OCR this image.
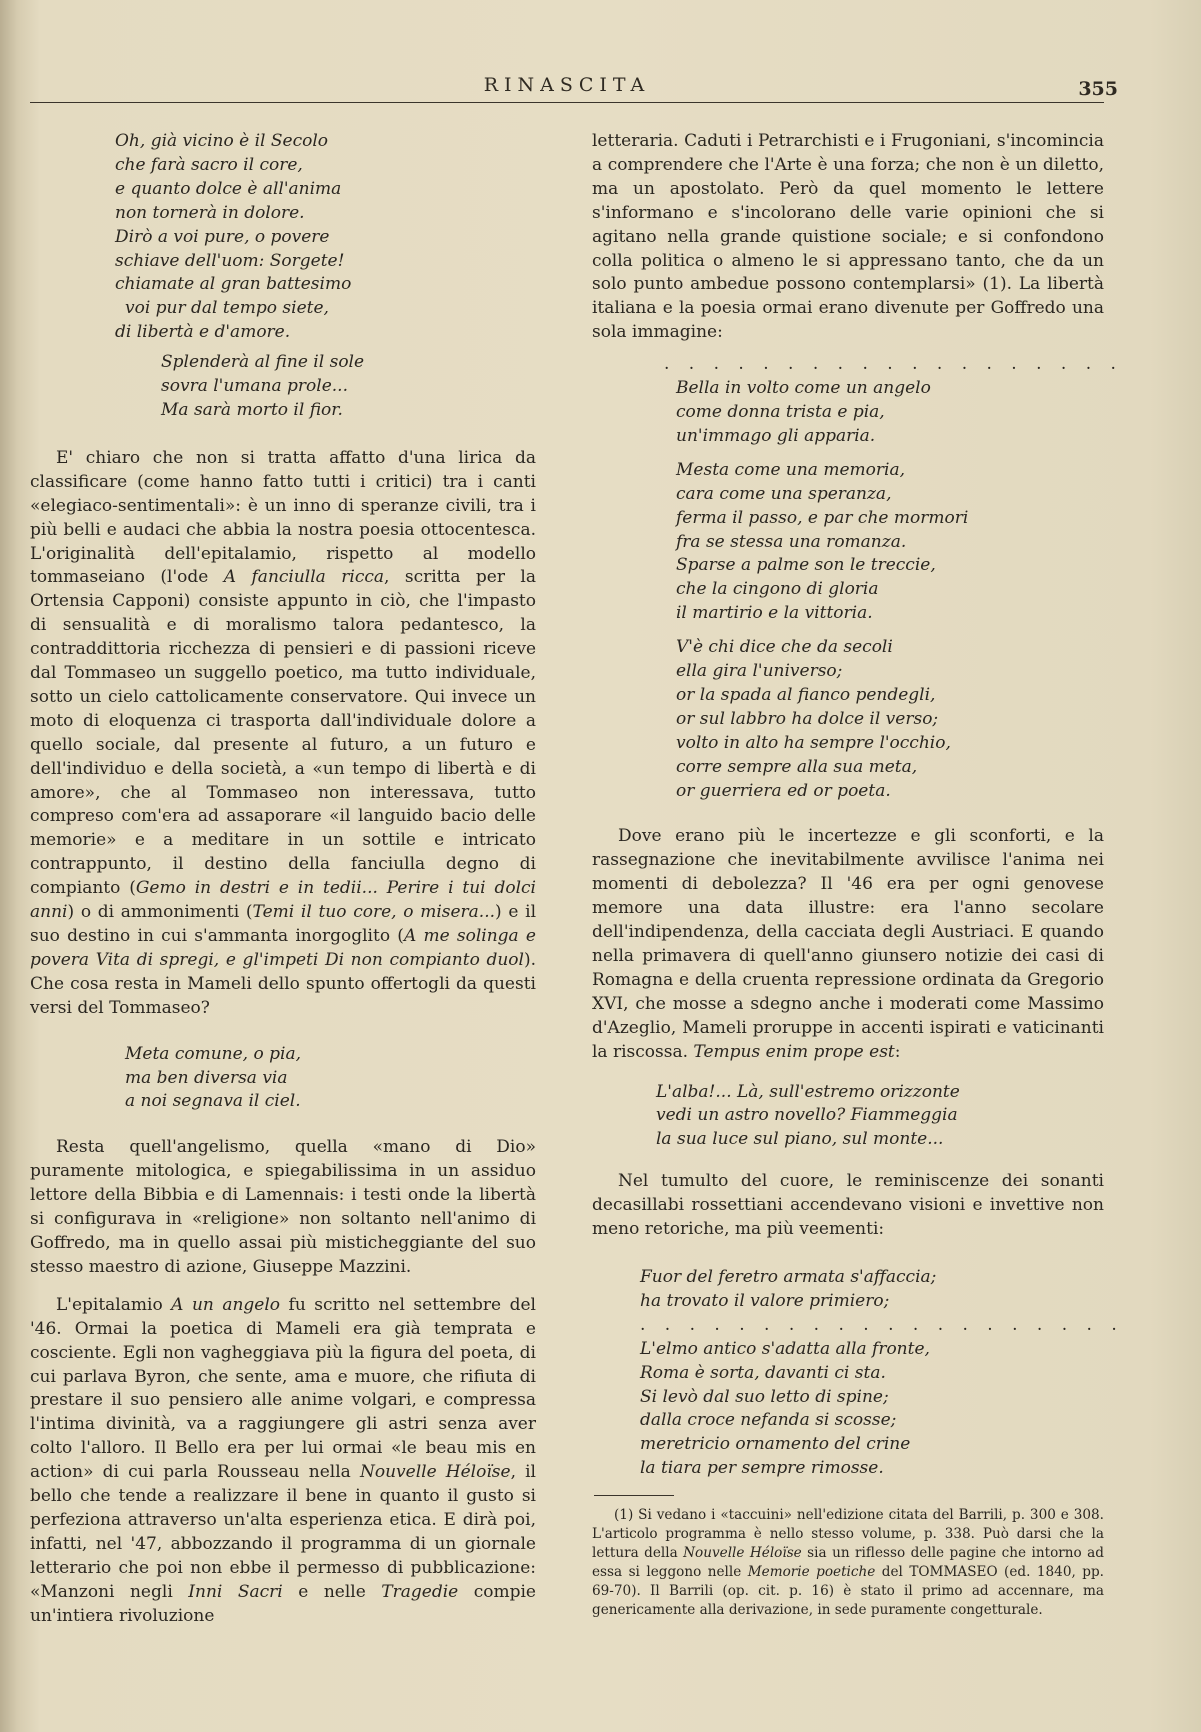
RINASCITA	355
Oh, già vicino è il Secolo
che farà sacro il core,
e quanto dolce è all'anima
non tornerà in dolore.
Dirò a voi pure, o povere
schiave dell'uom: Sorgete!
chiamate al gran battesimo
voi pur dal tempo siete,
di libertà e d'amore.
Splenderà al fine il sole
sovra l'umana prole...
Ma sarà morto il fior.

E' chiaro che non si tratta affatto d'una lirica da classificare (come hanno fatto tutti i critici) tra i canti «elegiaco-sentimentali»: è un inno di speranze civili, tra i più belli e audaci che abbia la nostra poesia ottocentesca. L'originalità dell'epitalamio, rispetto al modello tommaseiano (l'ode A fanciulla ricca, scritta per la Ortensia Capponi) consiste appunto in ciò, che l'impasto di sensualità e di moralismo talora pedantesco, la contraddittoria ricchezza di pensieri e di passioni riceve dal Tommaseo un suggello poetico, ma tutto individuale, sotto un cielo cattolicamente conservatore. Qui invece un moto di eloquenza ci trasporta dall'individuale dolore a quello sociale, dal presente al futuro, a un futuro e dell'individuo e della società, a «un tempo di libertà e di amore», che al Tommaseo non interessava, tutto compreso com'era ad assaporare «il languido bacio delle memorie» e a meditare in un sottile e intricato contrappunto, il destino della fanciulla degno di compianto (Gemo in destri e in tedii... Perire i tui dolci anni) o di ammonimenti (Temi il tuo core, o misera...) e il suo destino in cui s'ammanta inorgoglito (A me solinga e povera Vita di spregi, e gl'impeti Di non compianto duol). Che cosa resta in Mameli dello spunto offertogli da questi versi del Tommaseo?

Meta comune, o pia,
ma ben diversa via
a noi segnava il ciel.

Resta quell'angelismo, quella «mano di Dio» puramente mitologica, e spiegabilissima in un assiduo lettore della Bibbia e di Lamennais: i testi onde la libertà si configurava in «religione» non soltanto nell'animo di Goffredo, ma in quello assai più misticheggiante del suo stesso maestro di azione, Giuseppe Mazzini.

L'epitalamio A un angelo fu scritto nel settembre del '46. Ormai la poetica di Mameli era già temprata e cosciente. Egli non vagheggiava più la figura del poeta, di cui parlava Byron, che sente, ama e muore, che rifiuta di prestare il suo pensiero alle anime volgari, e compressa l'intima divinità, va a raggiungere gli astri senza aver colto l'alloro. Il Bello era per lui ormai «le beau mis en action» di cui parla Rousseau nella Nouvelle Héloïse, il bello che tende a realizzare il bene in quanto il gusto si perfeziona attraverso un'alta esperienza etica. E dirà poi, infatti, nel '47, abbozzando il programma di un giornale letterario che poi non ebbe il permesso di pubblicazione: «Manzoni negli Inni Sacri e nelle Tragedie compie un'intiera rivoluzione

letteraria. Caduti i Petrarchisti e i Frugoniani, s'incomincia a comprendere che l'Arte è una forza; che non è un diletto, ma un apostolato. Però da quel momento le lettere s'informano e s'incolorano delle varie opinioni che si agitano nella grande quistione sociale; e si confondono colla politica o almeno le si appressano tanto, che da un solo punto ambedue possono contemplarsi» (1). La libertà italiana e la poesia ormai erano divenute per Goffredo una sola immagine:

. . . . . . . . . . . . . . . . . . .
Bella in volto come un angelo
come donna trista e pia,
un'immago gli apparia.
Mesta come una memoria,
cara come una speranza,
ferma il passo, e par che mormori
fra se stessa una romanza.
Sparse a palme son le treccie,
che la cingono di gloria
il martirio e la vittoria.
V'è chi dice che da secoli
ella gira l'universo;
or la spada al fianco pendegli,
or sul labbro ha dolce il verso;
volto in alto ha sempre l'occhio,
corre sempre alla sua meta,
or guerriera ed or poeta.

Dove erano più le incertezze e gli sconforti, e la rassegnazione che inevitabilmente avvilisce l'anima nei momenti di debolezza? Il '46 era per ogni genovese memore una data illustre: era l'anno secolare dell'indipendenza, della cacciata degli Austriaci. E quando nella primavera di quell'anno giunsero notizie dei casi di Romagna e della cruenta repressione ordinata da Gregorio XVI, che mosse a sdegno anche i moderati come Massimo d'Azeglio, Mameli proruppe in accenti ispirati e vaticinanti la riscossa. Tempus enim prope est:

L'alba!... Là, sull'estremo orizzonte
vedi un astro novello? Fiammeggia
la sua luce sul piano, sul monte...

Nel tumulto del cuore, le reminiscenze dei sonanti decasillabi rossettiani accendevano visioni e invettive non meno retoriche, ma più veementi:

Fuor del feretro armata s'affaccia;
ha trovato il valore primiero;
. . . . . . . . . . . . . . . . . . . .
L'elmo antico s'adatta alla fronte,
Roma è sorta, davanti ci sta.
Si levò dal suo letto di spine;
dalla croce nefanda si scosse;
meretricio ornamento del crine
la tiara per sempre rimosse.

(1) Si vedano i «taccuini» nell'edizione citata del Barrili, p. 300 e 308. L'articolo programma è nello stesso volume, p. 338. Può darsi che la lettura della Nouvelle Héloïse sia un riflesso delle pagine che intorno ad essa si leggono nelle Memorie poetiche del TOMMASEO (ed. 1840, pp. 69-70). Il Barrili (op. cit. p. 16) è stato il primo ad accennare, ma genericamente alla derivazione, in sede puramente congetturale.
